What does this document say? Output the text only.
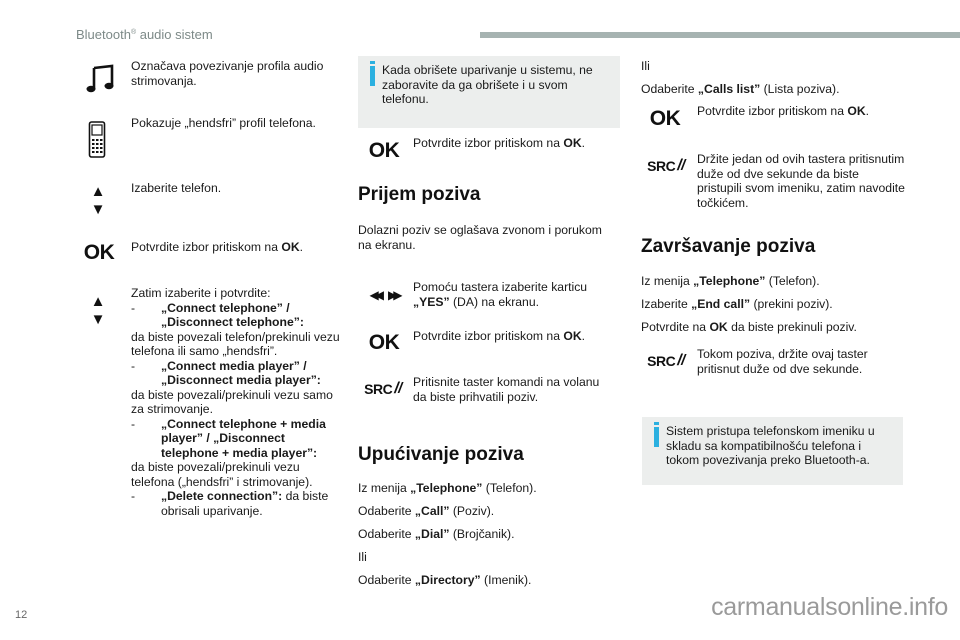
Bluetooth® audio sistem
Označava povezivanje profila audio strimovanja.
Pokazuje „hendsfri” profil telefona.
▲
▼
Izaberite telefon.
OK Potvrdite izbor pritiskom na OK.
▲
▼
Zatim izaberite i potvrdite:
-	„Connect telephone” / „Disconnect telephone”:
da biste povezali telefon/prekinuli vezu telefona ili samo „hendsfri”.
-	„Connect media player” / „Disconnect media player”:
da biste povezali/prekinuli vezu samo za strimovanje.
-	„Connect telephone + media player” / „Disconnect telephone + media player”:
da biste povezali/prekinuli vezu telefona („hendsfri” i strimovanje).
-	„Delete connection”: da biste obrisali uparivanje.
Kada obrišete uparivanje u sistemu, ne zaboravite da ga obrišete i u svom telefonu.
OK Potvrdite izbor pritiskom na OK.
Prijem poziva
Dolazni poziv se oglašava zvonom i porukom na ekranu.
◀◀ ▶▶
Pomoću tastera izaberite karticu „YES” (DA) na ekranu.
OK Potvrdite izbor pritiskom na OK.
SRC / / Pritisnite taster komandi na volanu da biste prihvatili poziv.
Upućivanje poziva
Iz menija „Telephone” (Telefon).
Odaberite „Call” (Poziv).
Odaberite „Dial” (Brojčanik).
Ili
Odaberite „Directory” (Imenik).
Ili
Odaberite „Calls list” (Lista poziva).
OK Potvrdite izbor pritiskom na OK.
SRC / / Držite jedan od ovih tastera pritisnutim duže od dve sekunde da biste pristupili svom imeniku, zatim navodite točkićem.
Završavanje poziva
Iz menija „Telephone” (Telefon).
Izaberite „End call” (prekini poziv).
Potvrdite na OK da biste prekinuli poziv.
SRC / / Tokom poziva, držite ovaj taster pritisnut duže od dve sekunde.
Sistem pristupa telefonskom imeniku u skladu sa kompatibilnošću telefona i tokom povezivanja preko Bluetooth-a.
12	carmanualsonline.info
